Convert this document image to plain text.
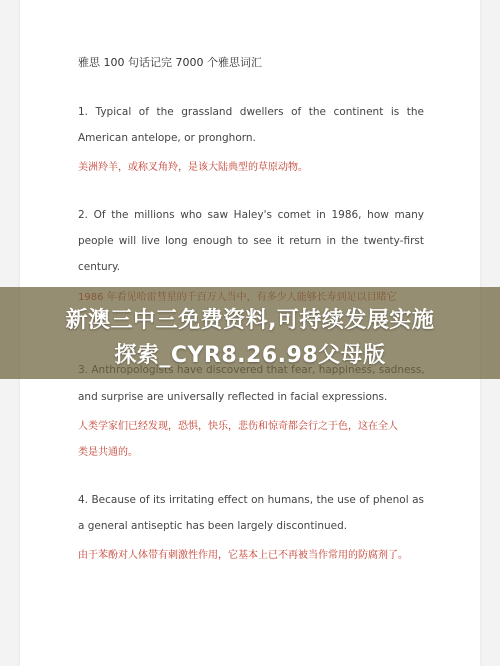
雅思 100 句话记完 7000 个雅思词汇
1. Typical of the grassland dwellers of the continent is the
American antelope, or pronghorn.
美洲羚羊，或称叉角羚，是该大陆典型的草原动物。
2. Of the millions who saw Haley's comet in 1986, how many
people will live long enough to see it return in the twenty-first
century.
and surprise are universally reflected in facial expressions.
人类学家们已经发现，恐惧，快乐，悲伤和惊奇都会行之于色，这在全人
类是共通的。
4. Because of its irritating effect on humans, the use of phenol as
a general antiseptic has been largely discontinued.
由于苯酚对人体带有刺激性作用，它基本上已不再被当作常用的防腐剂了。
新澳三中三免费资料,可持续发展实施
探索_CYR8.26.98父母版
